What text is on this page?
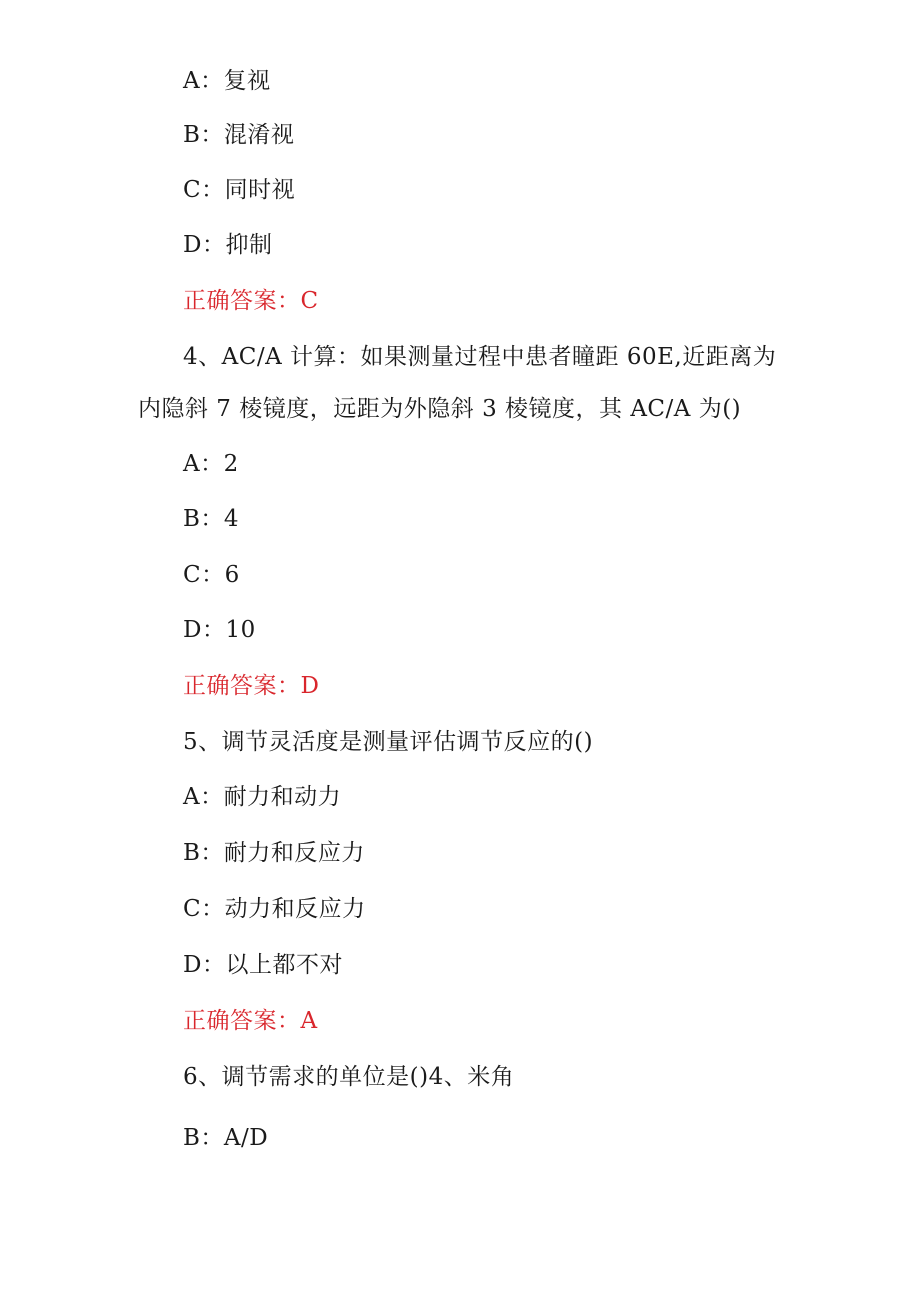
A：复视
B：混淆视
C：同时视
D：抑制
正确答案：C
4、AC/A 计算：如果测量过程中患者瞳距 60E,近距离为
内隐斜 7 棱镜度，远距为外隐斜 3 棱镜度，其 AC/A 为()
A：2
B：4
C：6
D：10
正确答案：D
5、调节灵活度是测量评估调节反应的()
A：耐力和动力
B：耐力和反应力
C：动力和反应力
D：以上都不对
正确答案：A
6、调节需求的单位是()4、米角
B：A/D
